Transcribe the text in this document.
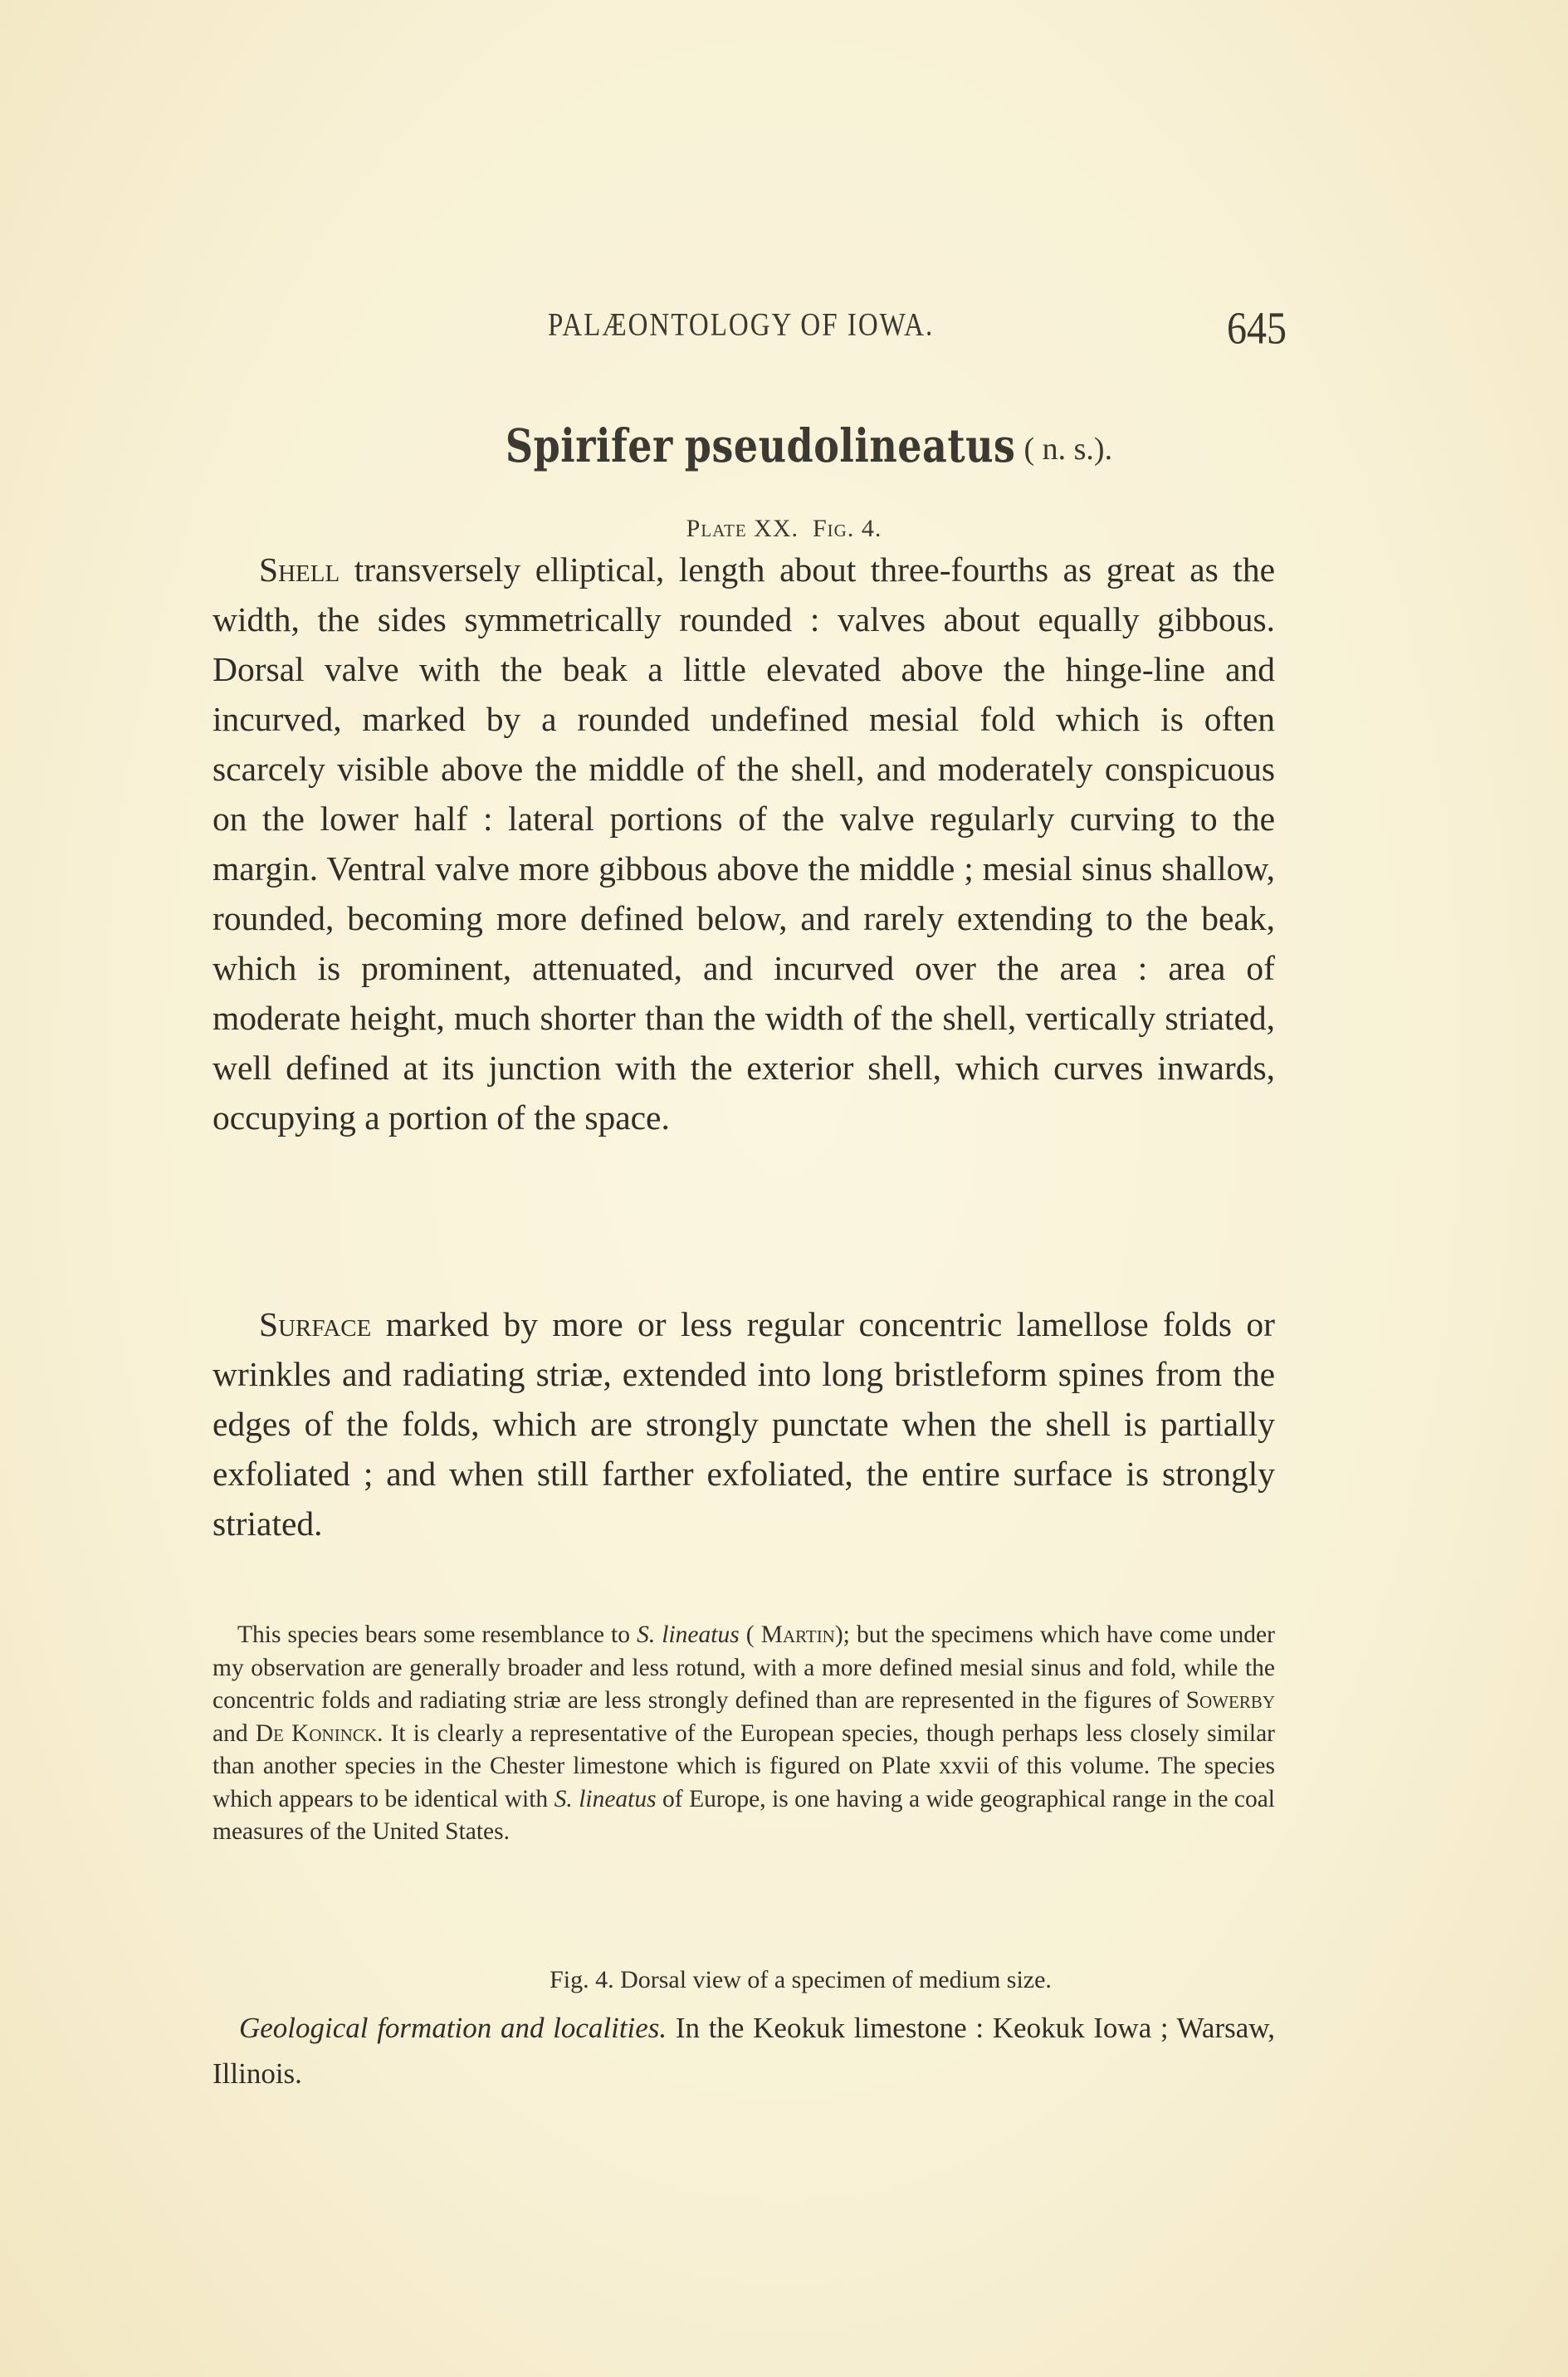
PALÆONTOLOGY OF IOWA.	645
Spirifer pseudolineatus ( n. s.).
Plate XX. Fig. 4.

Shell transversely elliptical, length about three-fourths as great as the width, the sides symmetrically rounded : valves about equally gibbous. Dorsal valve with the beak a little elevated above the hinge-line and incurved, marked by a rounded undefined mesial fold which is often scarcely visible above the middle of the shell, and moderately conspicuous on the lower half : lateral portions of the valve regularly curving to the margin. Ventral valve more gibbous above the middle ; mesial sinus shallow, rounded, becoming more defined below, and rarely extending to the beak, which is prominent, attenuated, and incurved over the area : area of moderate height, much shorter than the width of the shell, vertically striated, well defined at its junction with the exterior shell, which curves inwards, occupying a portion of the space.

Surface marked by more or less regular concentric lamellose folds or wrinkles and radiating striæ, extended into long bristleform spines from the edges of the folds, which are strongly punctate when the shell is partially exfoliated ; and when still farther exfoliated, the entire surface is strongly striated.

This species bears some resemblance to S. lineatus ( Martin); but the specimens which have come under my observation are generally broader and less rotund, with a more defined mesial sinus and fold, while the concentric folds and radiating striæ are less strongly defined than are represented in the figures of Sowerby and De Koninck. It is clearly a representative of the European species, though perhaps less closely similar than another species in the Chester limestone which is figured on Plate xxvii of this volume. The species which appears to be identical with S. lineatus of Europe, is one having a wide geographical range in the coal measures of the United States.

Fig. 4. Dorsal view of a specimen of medium size.

Geological formation and localities. In the Keokuk limestone : Keokuk Iowa ; Warsaw, Illinois.
